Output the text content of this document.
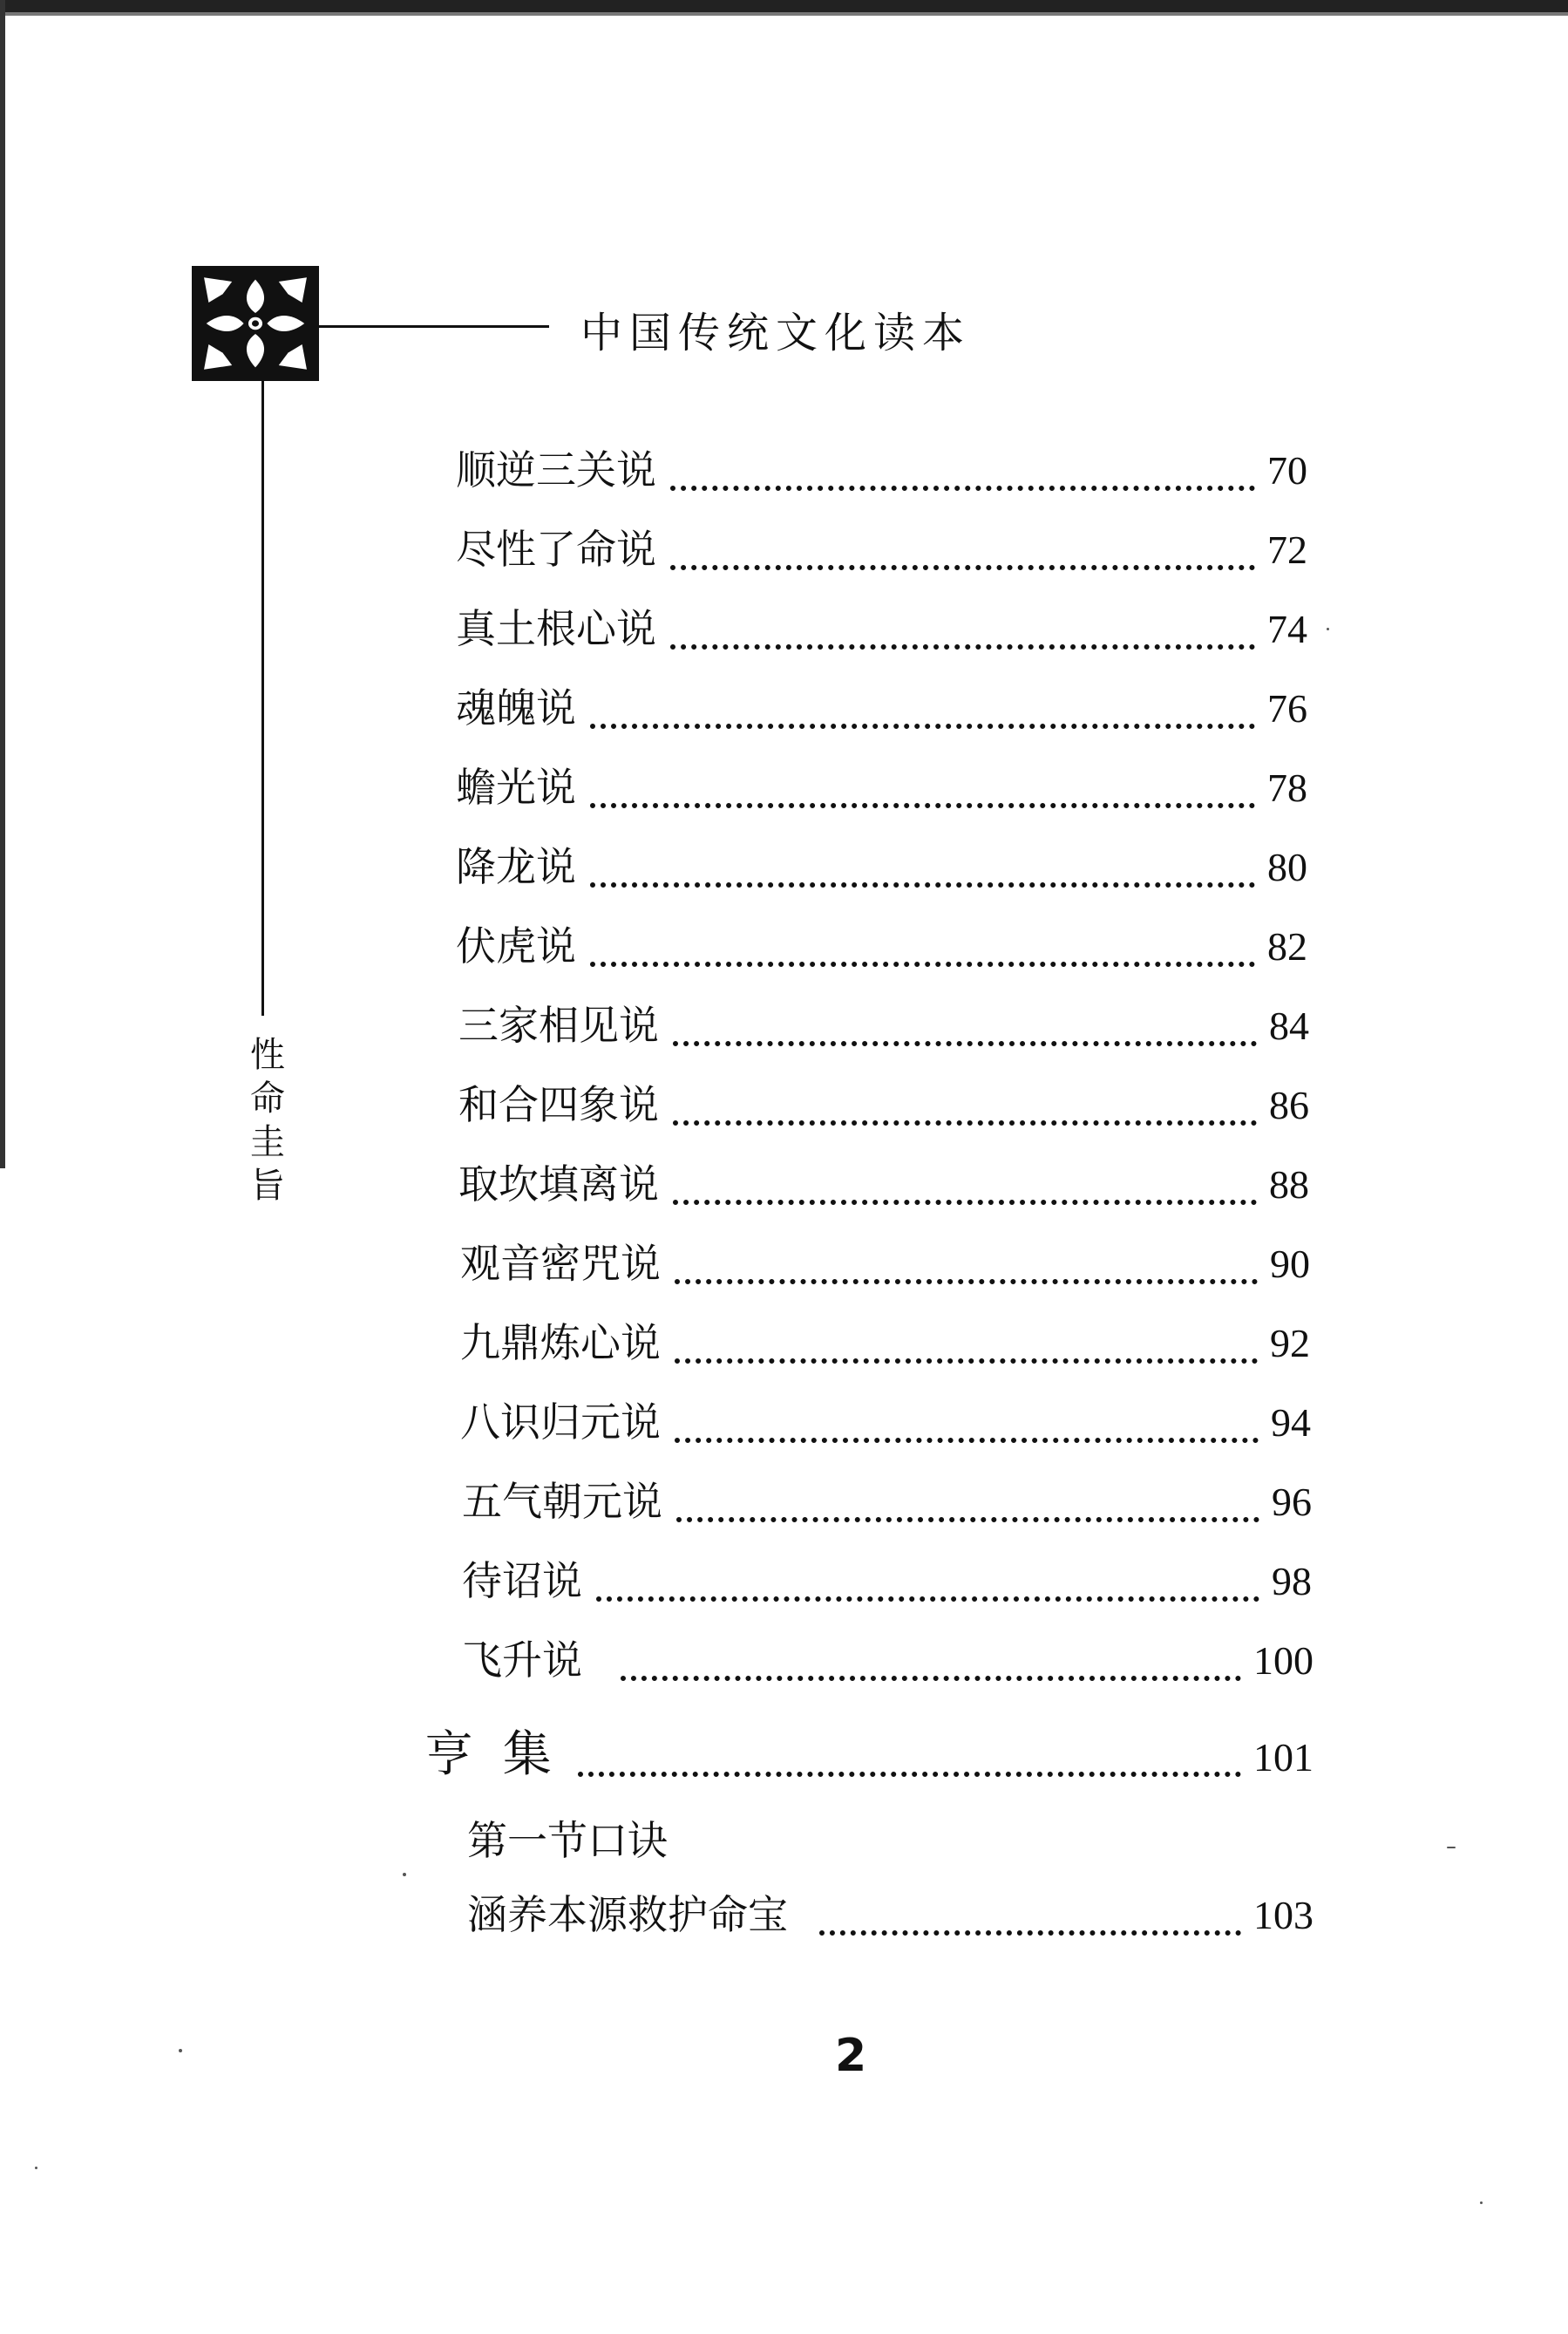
中国传统文化读本
性
命
圭
旨
顺逆三关说	70
尽性了命说	72
真土根心说	74
魂魄说	76
蟾光说	78
降龙说	80
伏虎说	82
三家相见说	84
和合四象说	86
取坎填离说	88
观音密咒说	90
九鼎炼心说	92
八识归元说	94
五气朝元说	96
待诏说	98
飞升说	100
亨 集	101
第一节口诀
涵养本源救护命宝	103
2
